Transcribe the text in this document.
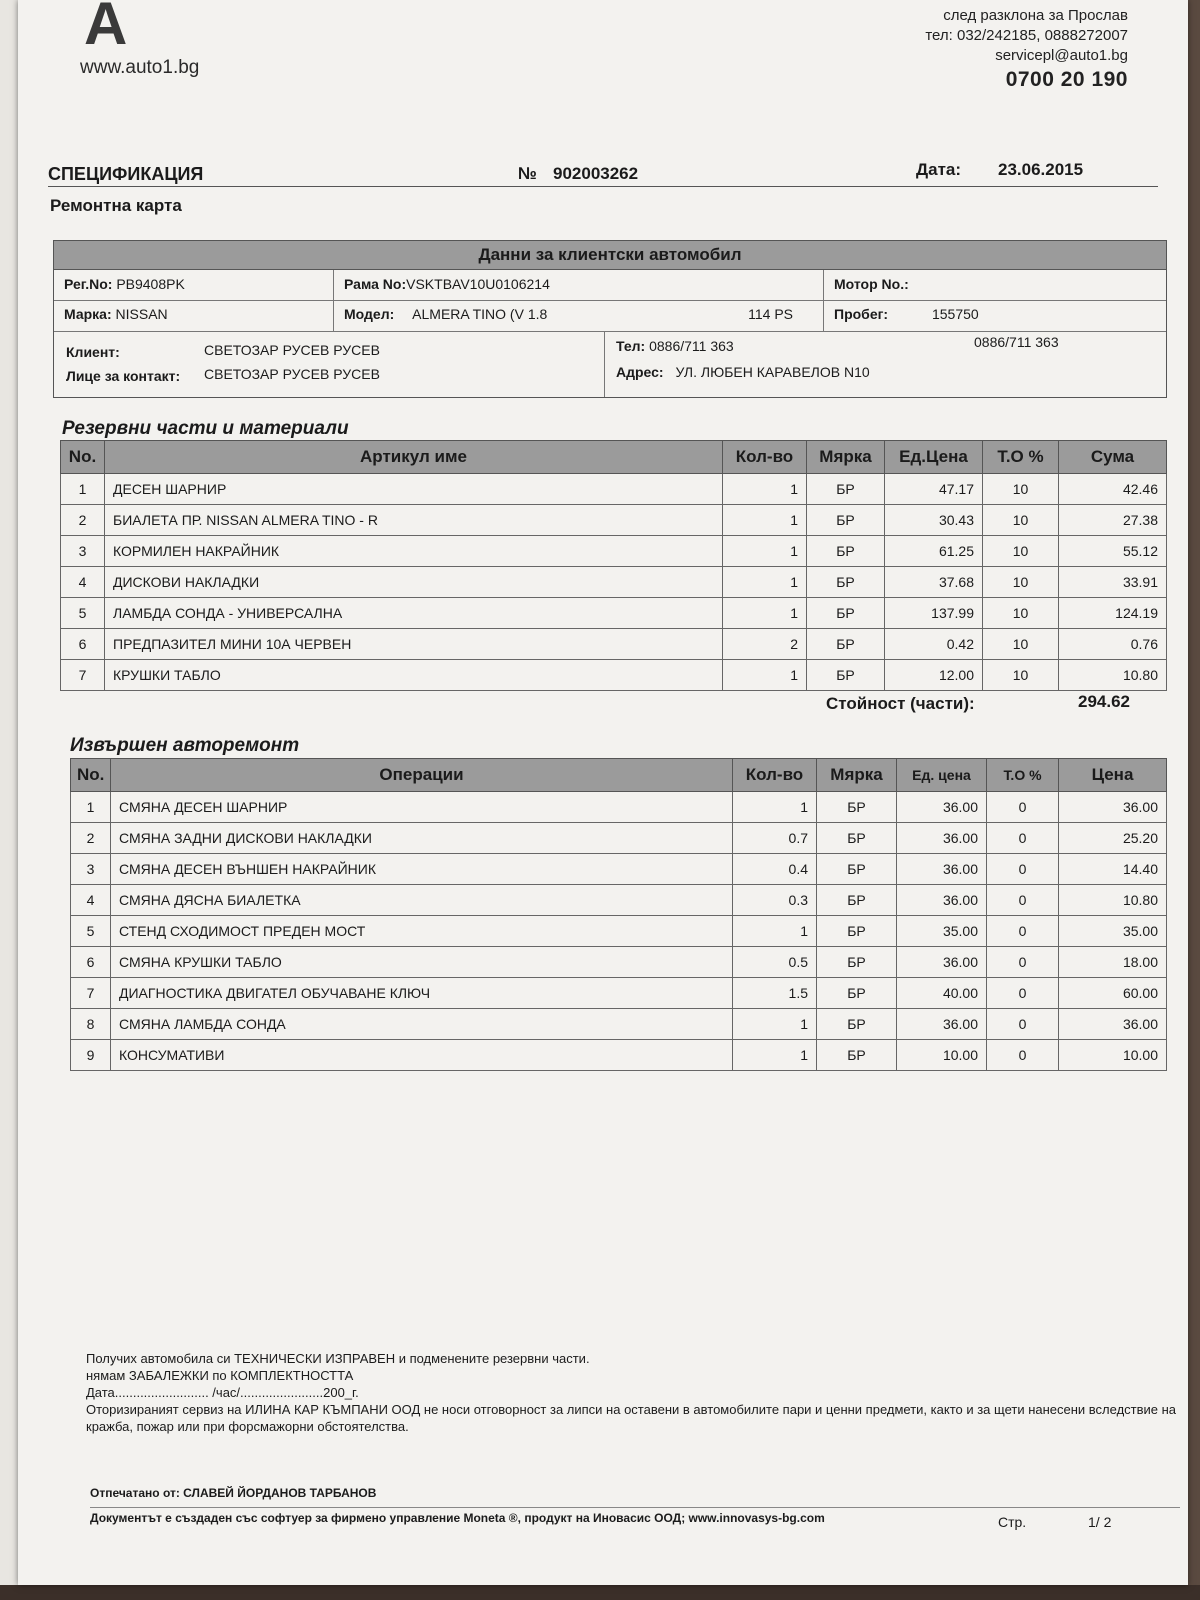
A
www.auto1.bg
след разклона за Прослав
тел: 032/242185, 0888272007
servicepl@auto1.bg
0700 20 190
СПЕЦИФИКАЦИЯ	№ 902003262	Дата: 23.06.2015
Ремонтна карта
Данни за клиентски автомобил
Рег.No: PB9408PK	Рама No:VSKTBAV10U0106214	Мотор No.:
Марка: NISSAN	Модел: ALMERA TINO (V 1.8	114 PS	Пробег:	155750
Клиент:	СВЕТОЗАР РУСЕВ РУСЕВ
Лице за контакт: СВЕТОЗАР РУСЕВ РУСЕВ
Тел: 0886/711 363	0886/711 363
Адрес: УЛ. ЛЮБЕН КАРАВЕЛОВ N10
Резервни части и материали
No.	Артикул име	Кол-во	Мярка	Ед.Цена	Т.О %	Сума
1	ДЕСЕН ШАРНИР	1	БР	47.17	10	42.46
2	БИАЛЕТА ПР. NISSAN ALMERA TINO - R	1	БР	30.43	10	27.38
3	КОРМИЛЕН НАКРАЙНИК	1	БР	61.25	10	55.12
4	ДИСКОВИ НАКЛАДКИ	1	БР	37.68	10	33.91
5	ЛАМБДА СОНДА - УНИВЕРСАЛНА	1	БР	137.99	10	124.19
6	ПРЕДПАЗИТЕЛ МИНИ 10А ЧЕРВЕН	2	БР	0.42	10	0.76
7	КРУШКИ ТАБЛО	1	БР	12.00	10	10.80
Стойност (части):	294.62
Извършен авторемонт
No.	Операции	Кол-во	Мярка	Ед. цена	Т.О %	Цена
1	СМЯНА ДЕСЕН ШАРНИР	1	БР	36.00	0	36.00
2	СМЯНА ЗАДНИ ДИСКОВИ НАКЛАДКИ	0.7	БР	36.00	0	25.20
3	СМЯНА ДЕСЕН ВЪНШЕН НАКРАЙНИК	0.4	БР	36.00	0	14.40
4	СМЯНА ДЯСНА БИАЛЕТКА	0.3	БР	36.00	0	10.80
5	СТЕНД СХОДИМОСТ ПРЕДЕН МОСТ	1	БР	35.00	0	35.00
6	СМЯНА КРУШКИ ТАБЛО	0.5	БР	36.00	0	18.00
7	ДИАГНОСТИКА ДВИГАТЕЛ ОБУЧАВАНЕ КЛЮЧ	1.5	БР	40.00	0	60.00
8	СМЯНА ЛАМБДА СОНДА	1	БР	36.00	0	36.00
9	КОНСУМАТИВИ	1	БР	10.00	0	10.00
Получих автомобила си ТЕХНИЧЕСКИ ИЗПРАВЕН и подменените резервни части.
нямам ЗАБАЛЕЖКИ по КОМПЛЕКТНОСТТА
Дата.......................... /час/.......................200_г.
Оторизираният сервиз на ИЛИНА КАР КЪМПАНИ ООД не носи отговорност за липси на оставени в автомобилите пари и ценни предмети, както и за щети нанесени вследствие на кражба, пожар или при форсмажорни обстоятелства.
Отпечатано от: СЛАВЕЙ ЙОРДАНОВ ТАРБАНОВ
Документът е създаден със софтуер за фирмено управление Moneta ®, продукт на Иновасис ООД; www.innovasys-bg.com	Стр.	1/ 2
